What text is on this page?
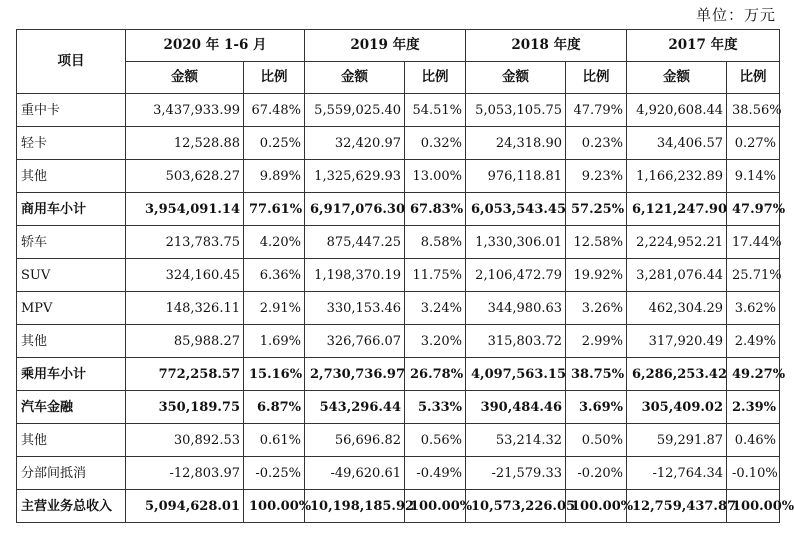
单位：万元
项目	2020 年 1-6 月		2019 年度		2018 年度		2017 年度	
	金额	比例	金额	比例	金额	比例	金额	比例
重中卡	3,437,933.99	67.48%	5,559,025.40	54.51%	5,053,105.75	47.79%	4,920,608.44	38.56%
轻卡	12,528.88	0.25%	32,420.97	0.32%	24,318.90	0.23%	34,406.57	0.27%
其他	503,628.27	9.89%	1,325,629.93	13.00%	976,118.81	9.23%	1,166,232.89	9.14%
商用车小计	3,954,091.14	77.61%	6,917,076.30	67.83%	6,053,543.45	57.25%	6,121,247.90	47.97%
轿车	213,783.75	4.20%	875,447.25	8.58%	1,330,306.01	12.58%	2,224,952.21	17.44%
SUV	324,160.45	6.36%	1,198,370.19	11.75%	2,106,472.79	19.92%	3,281,076.44	25.71%
MPV	148,326.11	2.91%	330,153.46	3.24%	344,980.63	3.26%	462,304.29	3.62%
其他	85,988.27	1.69%	326,766.07	3.20%	315,803.72	2.99%	317,920.49	2.49%
乘用车小计	772,258.57	15.16%	2,730,736.97	26.78%	4,097,563.15	38.75%	6,286,253.42	49.27%
汽车金融	350,189.75	6.87%	543,296.44	5.33%	390,484.46	3.69%	305,409.02	2.39%
其他	30,892.53	0.61%	56,696.82	0.56%	53,214.32	0.50%	59,291.87	0.46%
分部间抵消	-12,803.97	-0.25%	-49,620.61	-0.49%	-21,579.33	-0.20%	-12,764.34	-0.10%
主营业务总收入	5,094,628.01	100.00%	10,198,185.92	100.00%	10,573,226.05	100.00%	12,759,437.87	100.00%
